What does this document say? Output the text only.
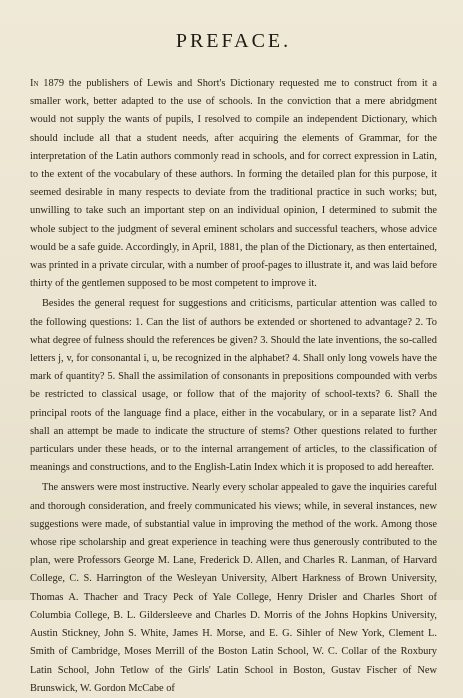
PREFACE.

In 1879 the publishers of Lewis and Short's Dictionary requested me to construct from it a smaller work, better adapted to the use of schools. In the conviction that a mere abridgment would not supply the wants of pupils, I resolved to compile an independent Dictionary, which should include all that a student needs, after acquiring the elements of Grammar, for the interpretation of the Latin authors commonly read in schools, and for correct expression in Latin, to the extent of the vocabulary of these authors. In forming the detailed plan for this purpose, it seemed desirable in many respects to deviate from the traditional practice in such works; but, unwilling to take such an important step on an individual opinion, I determined to submit the whole subject to the judgment of several eminent scholars and successful teachers, whose advice would be a safe guide. Accordingly, in April, 1881, the plan of the Dictionary, as then entertained, was printed in a private circular, with a number of proof-pages to illustrate it, and was laid before thirty of the gentlemen supposed to be most competent to improve it.

Besides the general request for suggestions and criticisms, particular attention was called to the following questions: 1. Can the list of authors be extended or shortened to advantage? 2. To what degree of fulness should the references be given? 3. Should the late inventions, the so-called letters j, v, for consonantal i, u, be recognized in the alphabet? 4. Shall only long vowels have the mark of quantity? 5. Shall the assimilation of consonants in prepositions compounded with verbs be restricted to classical usage, or follow that of the majority of school-texts? 6. Shall the principal roots of the language find a place, either in the vocabulary, or in a separate list? And shall an attempt be made to indicate the structure of stems? Other questions related to further particulars under these heads, or to the internal arrangement of articles, to the classification of meanings and constructions, and to the English-Latin Index which it is proposed to add hereafter.

The answers were most instructive. Nearly every scholar appealed to gave the inquiries careful and thorough consideration, and freely communicated his views; while, in several instances, new suggestions were made, of substantial value in improving the method of the work. Among those whose ripe scholarship and great experience in teaching were thus generously contributed to the plan, were Professors George M. Lane, Frederick D. Allen, and Charles R. Lanman, of Harvard College, C. S. Harrington of the Wesleyan University, Albert Harkness of Brown University, Thomas A. Thacher and Tracy Peck of Yale College, Henry Drisler and Charles Short of Columbia College, B. L. Gildersleeve and Charles D. Morris of the Johns Hopkins University, Austin Stickney, John S. White, James H. Morse, and E. G. Sihler of New York, Clement L. Smith of Cambridge, Moses Merrill of the Boston Latin School, W. C. Collar of the Roxbury Latin School, John Tetlow of the Girls' Latin School in Boston, Gustav Fischer of New Brunswick, W. Gordon McCabe of
